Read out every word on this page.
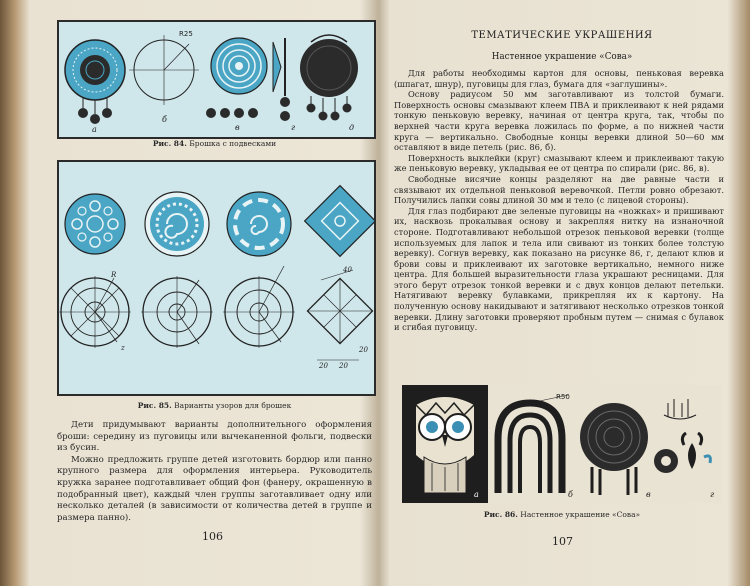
R25
а
б
в	г	д
Рис. 84. Брошка с подвесками
R
z
40
20 20
20
Рис. 85. Варианты узоров для брошек

Дети придумывают варианты дополнительного оформления броши: середину из пуговицы или вычеканенной фольги, подвески из бусин.

Можно предложить группе детей изготовить бордюр или панно крупного размера для оформления интерьера. Руководитель кружка заранее подготавливает общий фон (фанеру, окрашенную в подобранный цвет), каждый член группы заготавливает одну или несколько деталей (в зависимости от количества детей в группе и размера панно).

106
ТЕМАТИЧЕСКИЕ УКРАШЕНИЯ
Настенное украшение «Сова»

Для работы необходимы картон для основы, пеньковая веревка (шпагат, шнур), пуговицы для глаз, бумага для «заглушины».

Основу радиусом 50 мм заготавливают из толстой бумаги. Поверхность основы смазывают клеем ПВА и приклеивают к ней рядами тонкую пеньковую веревку, начиная от центра круга, так, чтобы по верхней части круга веревка ложилась по форме, а по нижней части круга — вертикально. Свободные концы веревки длиной 50—60 мм оставляют в виде петель (рис. 86, б).

Поверхность выклейки (круг) смазывают клеем и приклеивают такую же пеньковую веревку, укладывая ее от центра по спирали (рис. 86, в).

Свободные висячие концы разделяют на две равные части и связывают их отдельной пеньковой веревочкой. Петли ровно обрезают. Получились лапки совы длиной 30 мм и тело (с лицевой стороны).

Для глаз подбирают две зеленые пуговицы на «ножках» и пришивают их, насквозь прокалывая основу и закрепляя нитку на изнаночной стороне. Подготавливают небольшой отрезок пеньковой веревки (толще используемых для лапок и тела или свивают из тонких более толстую веревку). Согнув веревку, как показано на рисунке 86, г, делают клюв и брови совы и приклеивают их заготовке вертикально, немного ниже центра. Для большей выразительности глаза украшают ресницами. Для этого берут отрезок тонкой веревки и с двух концов делают петельки. Натягивают веревку булавками, прикрепляя их к картону. На полученную основу накидывают и затягивают несколько отрезков тонкой веревки. Длину заготовки проверяют пробным путем — снимая с булавок и сгибая пуговицу.

а
R50
б	в	г
Рис. 86. Настенное украшение «Сова»
107
